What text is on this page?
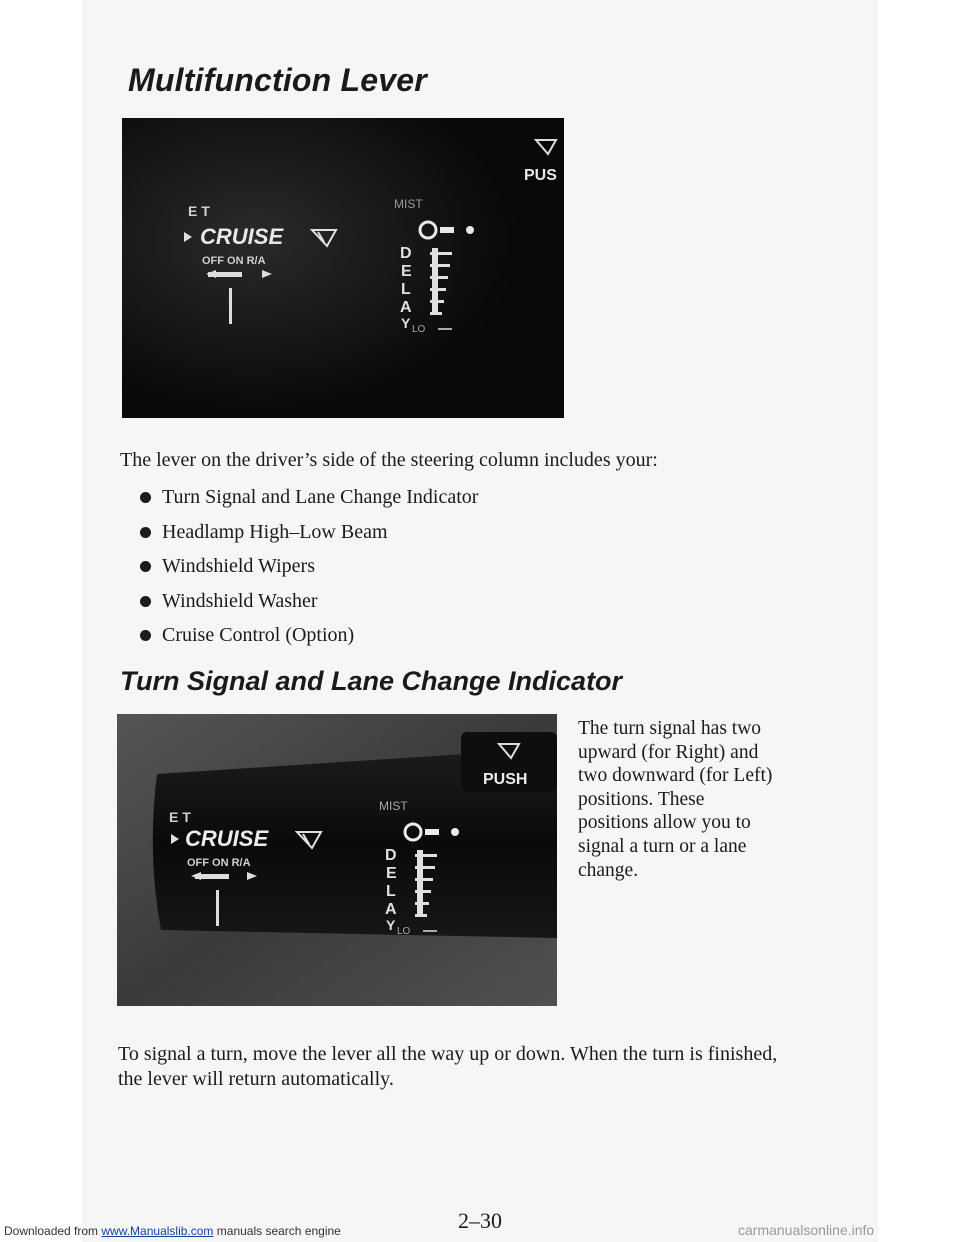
Multifunction Lever
E T
CRUISE
OFF ON R/A
MIST
D
E
L
A
Y LO
PUS

The lever on the driver’s side of the steering column includes your:

Turn Signal and Lane Change Indicator
Headlamp High–Low Beam
Windshield Wipers
Windshield Washer
Cruise Control (Option)
Turn Signal and Lane Change Indicator
E T
CRUISE
OFF ON R/A
MIST
D
E
L
A
Y LO
PUSH

The turn signal has two upward (for Right) and two downward (for Left) positions. These positions allow you to signal a turn or a lane change.

To signal a turn, move the lever all the way up or down. When the turn is finished, the lever will return automatically.

2–30

Downloaded from www.Manualslib.com manuals search engine	carmanualsonline.info
